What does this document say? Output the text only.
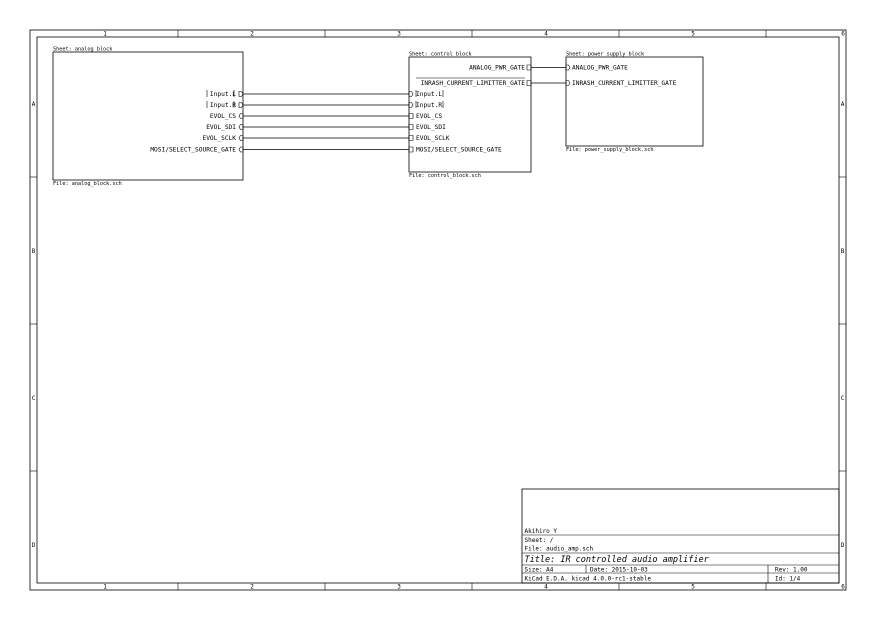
1	2	3	4	5	6
1	2	3	4	5	6
A
B
C
D
A
B
C
D
Sheet: analog block
File: analog_block.sch
Input.L
Input.R
EVOL_CS
EVOL_SDI
EVOL_SCLK
MOSI/SELECT_SOURCE_GATE
Sheet: control block
File: control_block.sch
Input.L
Input.R
EVOL_CS
EVOL_SDI
EVOL_SCLK
MOSI/SELECT_SOURCE_GATE
ANALOG_PWR_GATE
INRASH_CURRENT_LIMITTER_GATE
Sheet: power supply block
File: power_supply_block.sch
ANALOG_PWR_GATE
INRASH_CURRENT_LIMITTER_GATE
Akihiro Y
Sheet: /
File: audio_amp.sch
Title: IR controlled audio amplifier
Size: A4	Date: 2015-10-03	Rev: 1.00
KiCad E.D.A. kicad 4.0.0-rc1-stable	Id: 1/4
